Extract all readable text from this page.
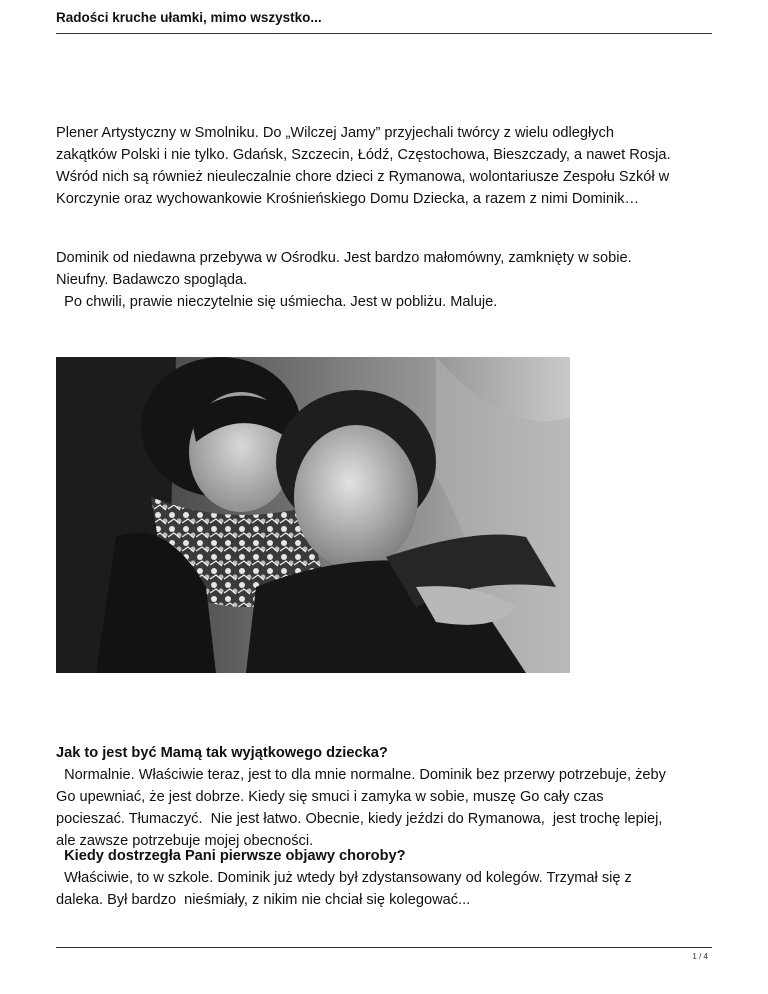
Radości kruche ułamki, mimo wszystko...

Plener Artystyczny w Smolniku. Do „Wilczej Jamy” przyjechali twórcy z wielu odległych
zakątków Polski i nie tylko. Gdańsk, Szczecin, Łódź, Częstochowa, Bieszczady, a nawet Rosja.
Wśród nich są również nieuleczalnie chore dzieci z Rymanowa, wolontariusze Zespołu Szkół w
Korczynie oraz wychowankowie Krośnieńskiego Domu Dziecka, a razem z nimi Dominik…

Dominik od niedawna przebywa w Ośrodku. Jest bardzo małomówny, zamknięty w sobie.
Nieufny. Badawczo spogląda.
Po chwili, prawie nieczytelnie się uśmiecha. Jest w pobliżu. Maluje.

Jak to jest być Mamą tak wyjątkowego dziecka?
Normalnie. Właściwie teraz, jest to dla mnie normalne. Dominik bez przerwy potrzebuje, żeby
Go upewniać, że jest dobrze. Kiedy się smuci i zamyka w sobie, muszę Go cały czas
pocieszać. Tłumaczyć.  Nie jest łatwo. Obecnie, kiedy jeździ do Rymanowa,  jest trochę lepiej,
ale zawsze potrzebuje mojej obecności.
Kiedy dostrzegła Pani pierwsze objawy choroby?
Właściwie, to w szkole. Dominik już wtedy był zdystansowany od kolegów. Trzymał się z
daleka. Był bardzo  nieśmiały, z nikim nie chciał się kolegować...
1 / 4
